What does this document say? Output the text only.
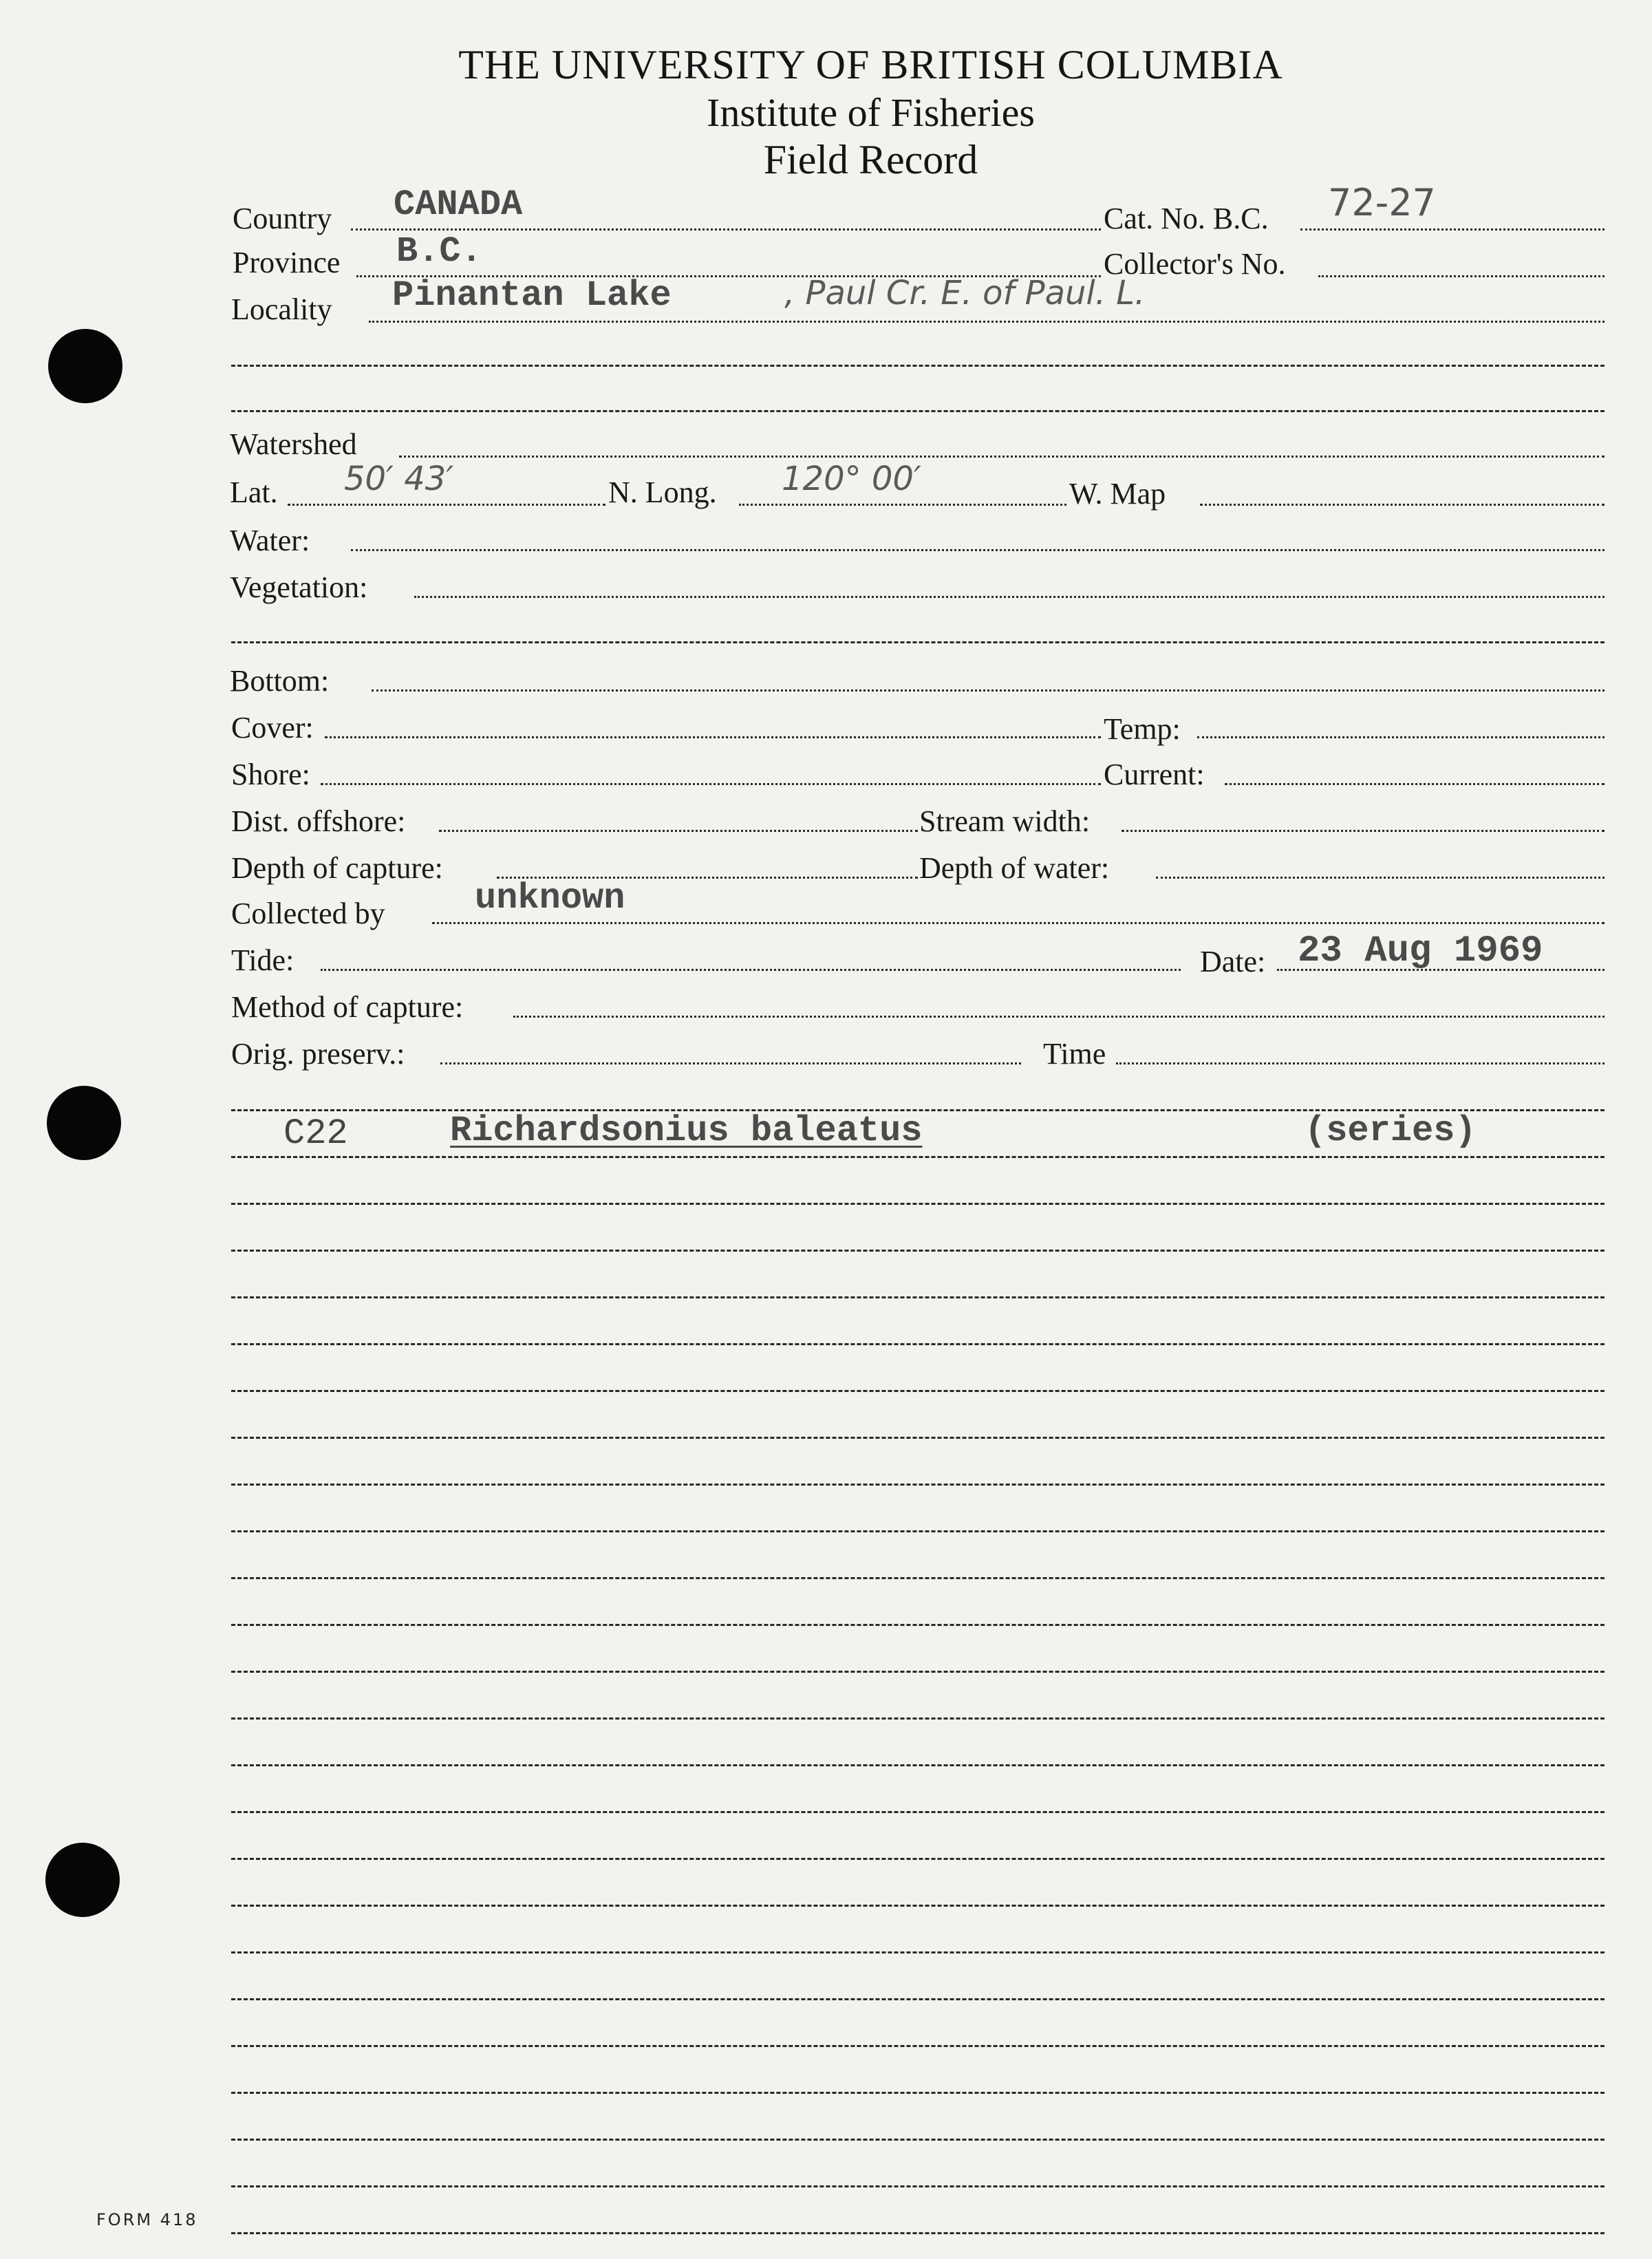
THE UNIVERSITY OF BRITISH COLUMBIA
Institute of Fisheries
Field Record
Country CANADA	Cat. No. B.C. 72-27
Province B.C.	Collector's No.
Locality Pinantan Lake	, Paul Cr. E. of Paul. L.
Watershed
Lat. 50′ 43′	N. Long. 120° 00′	W. Map
Water:
Vegetation:
Bottom:
Cover:	Temp:
Shore:	Current:
Dist. offshore:	Stream width:
Depth of capture:	Depth of water:
Collected by	unknown
Tide:	Date: 23 Aug 1969
Method of capture:
Orig. preserv.:	Time
C22	Richardsonius baleatus	(series)
FORM 418
